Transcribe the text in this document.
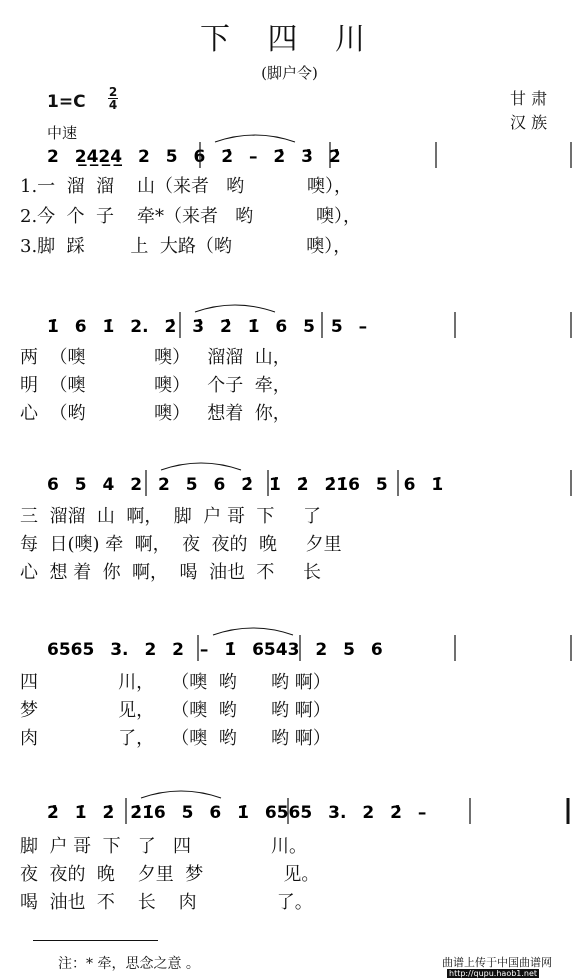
下 四 川
(脚户令)
1=C 2
4
中速
甘 肃
汉 族
2 2̲4̲2̲4̲ 2 5 6 2̇ – 2̇ 3̇ 2̇
1̇ 6 1̇ 2. 2̇ 3̇ 2̇ 1̇ 6 5 5 –
6 5 4 2 2 5 6 2̇ 1̇ 2̇ 2̇1̇6 5 6 1̇
6565 3. 2 2 – 1̇ 6543 2 5 6
2̇ 1̇ 2̇ 2̇1̇6 5 6 1̇ 6565 3. 2 2̇ –
1.一  溜  溜    山（来者   哟           噢），
2.今  个  子    牵*（来者   哟           噢），
3.脚  踩        上  大路（哟             噢），
两  （噢            噢）   溜溜  山，
明  （噢            噢）   个子  牵，
心  （哟            噢）   想着  你，
三  溜溜  山  啊，  脚  户 哥  下     了
每  日(噢) 牵  啊，  夜  夜的  晚     夕里
心  想 着  你  啊，  喝  油也  不     长
四              川，   （噢  哟      哟 啊）
梦              见，   （噢  哟      哟 啊）
肉              了，   （噢  哟      哟 啊）
脚  户 哥  下   了   四              川。
夜  夜的  晚    夕里  梦              见。
喝  油也  不    长    肉              了。
注：* 牵，思念之意 。	曲谱上传于中国曲谱网
http://qupu.haob1.net
